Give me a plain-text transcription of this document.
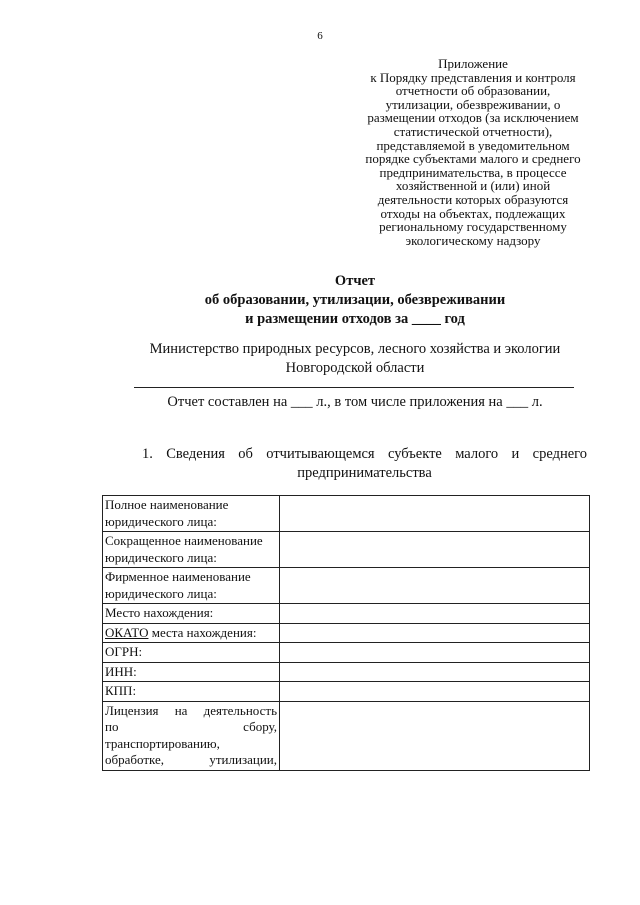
6
Приложение
к Порядку представления и контроля
отчетности об образовании,
утилизации, обезвреживании, о
размещении отходов (за исключением
статистической отчетности),
представляемой в уведомительном
порядке субъектами малого и среднего
предпринимательства, в процессе
хозяйственной и (или) иной
деятельности которых образуются
отходы на объектах, подлежащих
региональному государственному
экологическому надзору
Отчет
об образовании, утилизации, обезвреживании
и размещении отходов за ____ год
Министерство природных ресурсов, лесного хозяйства и экологии
Новгородской области
Отчет составлен на ___ л., в том числе приложения на ___ л.
1. Сведения об отчитывающемся субъекте малого и среднего
предпринимательства
Полное наименование
юридического лица:	

Сокращенное наименование
юридического лица:	

Фирменное наименование
юридического лица:	

Место нахождения:	

ОКАТО места нахождения:	

ОГРН:	

ИНН:	

КПП:	

Лицензия на деятельность
по сбору,
транспортированию,
обработке, утилизации,	
